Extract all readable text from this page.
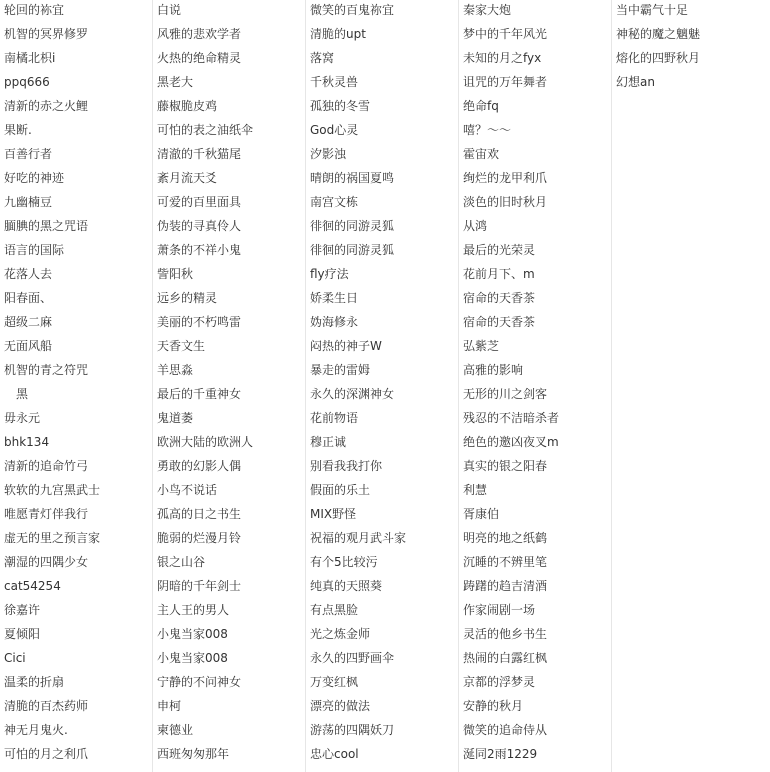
轮回的袮宜
机智的冥界修罗
南橘北枳i
ppq666
清新的赤之火鲤
果断.
百善行者
好吃的神迹
九幽楠豆
腼腆的黑之咒语
语言的国际
花落人去
阳春面、
超级二麻
无面风船
机智的青之符咒
黑
毋永元
bhk134
清新的追命竹弓
软软的九宫黑武士
唯愿青灯伴我行
虚无的里之预言家
潮湿的四隅少女
cat54254
徐嘉许
夏倾阳
Cici
温柔的折扇
清脆的百杰药师
神无月鬼火.
可怕的月之利爪
白说
风雅的悲欢学者
火热的绝命精灵
黑老大
藤椒脆皮鸡
可怕的表之油纸伞
清澈的千秋猫尾
紊月流天爻
可爱的百里面具
伪装的寻真伶人
萧条的不祥小鬼
訾阳秋
远乡的精灵
美丽的不朽鸣雷
天香文生
羊思淼
最后的千重神女
鬼道萎
欧洲大陆的欧洲人
勇敢的幻影人偶
小鸟不说话
孤高的日之书生
脆弱的烂漫月铃
银之山谷
阴暗的千年剑士
主人王的男人
小鬼当家008
小鬼当家008
宁静的不问神女
申柯
柬德业
西班匆匆那年
微笑的百鬼祢宜
清脆的upt
落窝
千秋灵兽
孤独的冬雪
God心灵
汐影浊
晴朗的祸国夏鸣
南宫文栋
徘徊的同游灵狐
徘徊的同游灵狐
fly疗法
娇柔生日
妫海修永
闷热的神子W
暴走的雷姆
永久的深渊神女
花前物语
穆正诚
别看我我打你
假面的乐土
MIX野怪
祝福的观月武斗家
有个5比较污
纯真的天照葵
有点黑脸
光之炼金师
永久的四野画伞
万变红枫
漂亮的做法
游荡的四隅妖刀
忠心cool
秦家大炮
梦中的千年风光
未知的月之fyx
诅咒的万年舞者
绝命fq
嘻？～～
霍宙欢
绚烂的龙甲利爪
淡色的旧时秋月
从鸿
最后的光荣灵
花前月下、m
宿命的天香茶
宿命的天香茶
弘紫芝
高雅的影响
无形的川之剑客
残忍的不洁暗杀者
绝色的邀凶夜叉m
真实的银之阳春
利慧
胥康伯
明亮的地之纸鹤
沉睡的不辨里笔
踌躇的趋吉清酒
作家闹剧一场
灵活的他乡书生
热闹的白露红枫
京都的浮梦灵
安静的秋月
微笑的追命侍从
涎同2雨1229
当中霸气十足
神秘的魔之魑魅
熔化的四野秋月
幻想an
